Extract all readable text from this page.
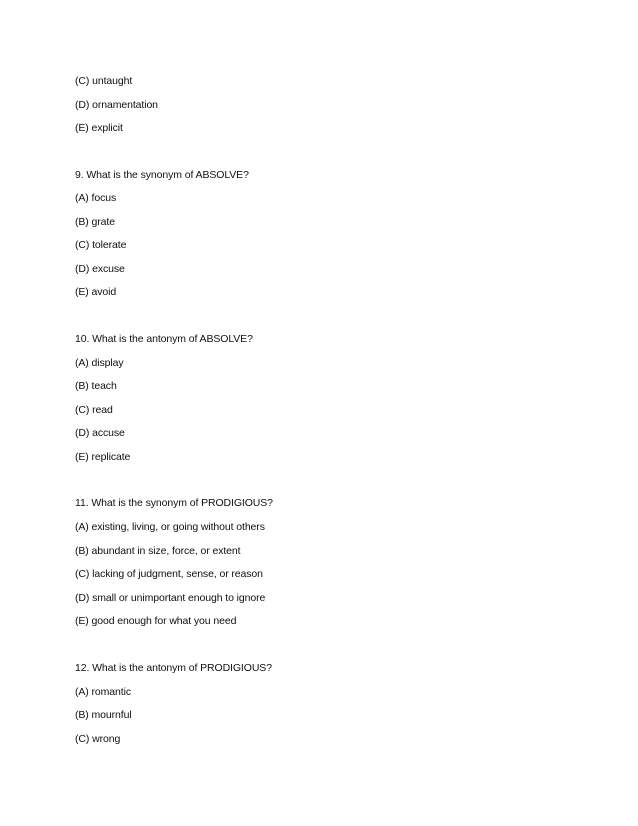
(C) untaught
(D) ornamentation
(E) explicit
9. What is the synonym of ABSOLVE?
(A) focus
(B) grate
(C) tolerate
(D) excuse
(E) avoid
10. What is the antonym of ABSOLVE?
(A) display
(B) teach
(C) read
(D) accuse
(E) replicate
11. What is the synonym of PRODIGIOUS?
(A) existing, living, or going without others
(B) abundant in size, force, or extent
(C) lacking of judgment, sense, or reason
(D) small or unimportant enough to ignore
(E) good enough for what you need
12. What is the antonym of PRODIGIOUS?
(A) romantic
(B) mournful
(C) wrong
